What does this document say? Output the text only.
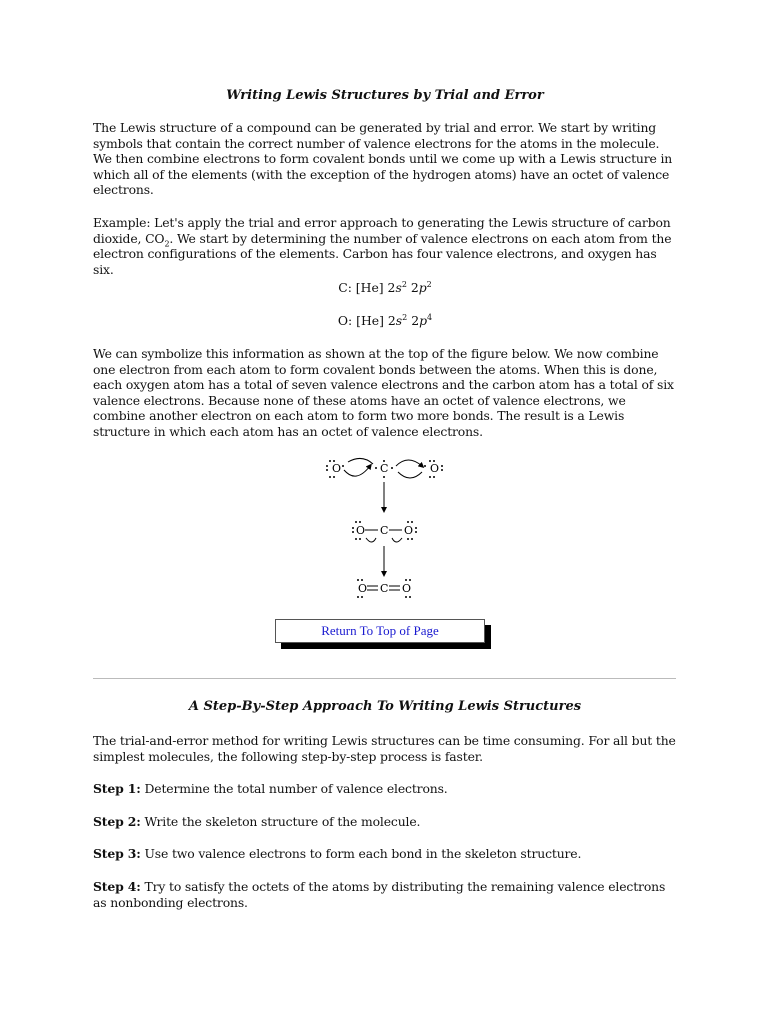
Writing Lewis Structures by Trial and Error

The Lewis structure of a compound can be generated by trial and error. We start by writing symbols that contain the correct number of valence electrons for the atoms in the molecule. We then combine electrons to form covalent bonds until we come up with a Lewis structure in which all of the elements (with the exception of the hydrogen atoms) have an octet of valence electrons.

Example: Let's apply the trial and error approach to generating the Lewis structure of carbon dioxide, $CO_2$. We start by determining the number of valence electrons on each atom from the electron configurations of the elements. Carbon has four valence electrons, and oxygen has six.

C: [He] $2s^2$ $2p^2$
O: [He] $2s^2$ $2p^4$

We can symbolize this information as shown at the top of the figure below. We now combine one electron from each atom to form covalent bonds between the atoms. When this is done, each oxygen atom has a total of seven valence electrons and the carbon atom has a total of six valence electrons. Because none of these atoms have an octet of valence electrons, we combine another electron on each atom to form two more bonds. The result is a Lewis structure in which each atom has an octet of valence electrons.

O	C	O
O C O
O C O
Return To Top of Page
A Step-By-Step Approach To Writing Lewis Structures

The trial-and-error method for writing Lewis structures can be time consuming. For all but the simplest molecules, the following step-by-step process is faster.

Step 1: Determine the total number of valence electrons.
Step 2: Write the skeleton structure of the molecule.
Step 3: Use two valence electrons to form each bond in the skeleton structure.
Step 4: Try to satisfy the octets of the atoms by distributing the remaining valence electrons as nonbonding electrons.
